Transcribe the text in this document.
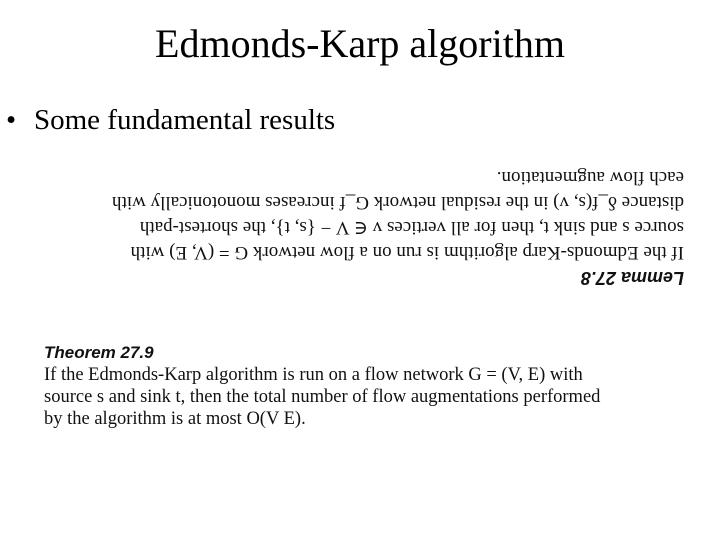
Edmonds-Karp algorithm
• Some fundamental results
Lemma 27.8
If the Edmonds-Karp algorithm is run on a flow network G = (V, E) with
source s and sink t, then for all vertices v ∈ V − {s, t}, the shortest-path
distance δ_f(s, v) in the residual network G_f increases monotonically with
each flow augmentation.
Theorem 27.9
If the Edmonds-Karp algorithm is run on a flow network G = (V, E) with
source s and sink t, then the total number of flow augmentations performed
by the algorithm is at most O(V E).
